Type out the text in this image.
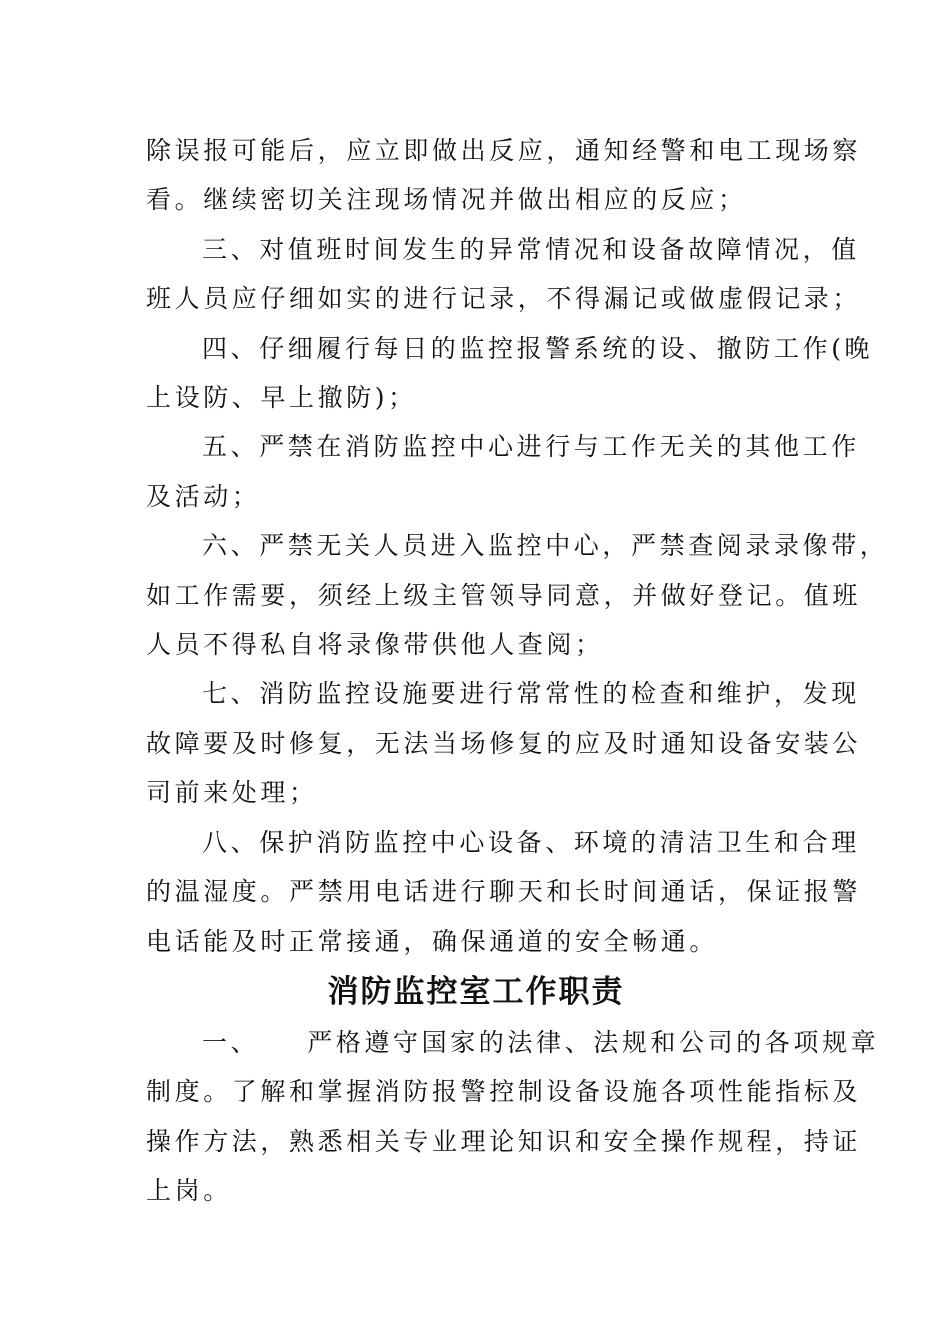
除误报可能后，应立即做出反应，通知经警和电工现场察
看。继续密切关注现场情况并做出相应的反应；
三、对值班时间发生的异常情况和设备故障情况，值
班人员应仔细如实的进行记录，不得漏记或做虚假记录；
四、仔细履行每日的监控报警系统的设、撤防工作(晚
上设防、早上撤防)；
五、严禁在消防监控中心进行与工作无关的其他工作
及活动；
六、严禁无关人员进入监控中心，严禁查阅录录像带，
如工作需要，须经上级主管领导同意，并做好登记。值班
人员不得私自将录像带供他人查阅；
七、消防监控设施要进行常常性的检查和维护，发现
故障要及时修复，无法当场修复的应及时通知设备安装公
司前来处理；
八、保护消防监控中心设备、环境的清洁卫生和合理
的温湿度。严禁用电话进行聊天和长时间通话，保证报警
电话能及时正常接通，确保通道的安全畅通。
消防监控室工作职责
一、 严格遵守国家的法律、法规和公司的各项规章
制度。了解和掌握消防报警控制设备设施各项性能指标及
操作方法，熟悉相关专业理论知识和安全操作规程，持证
上岗。
